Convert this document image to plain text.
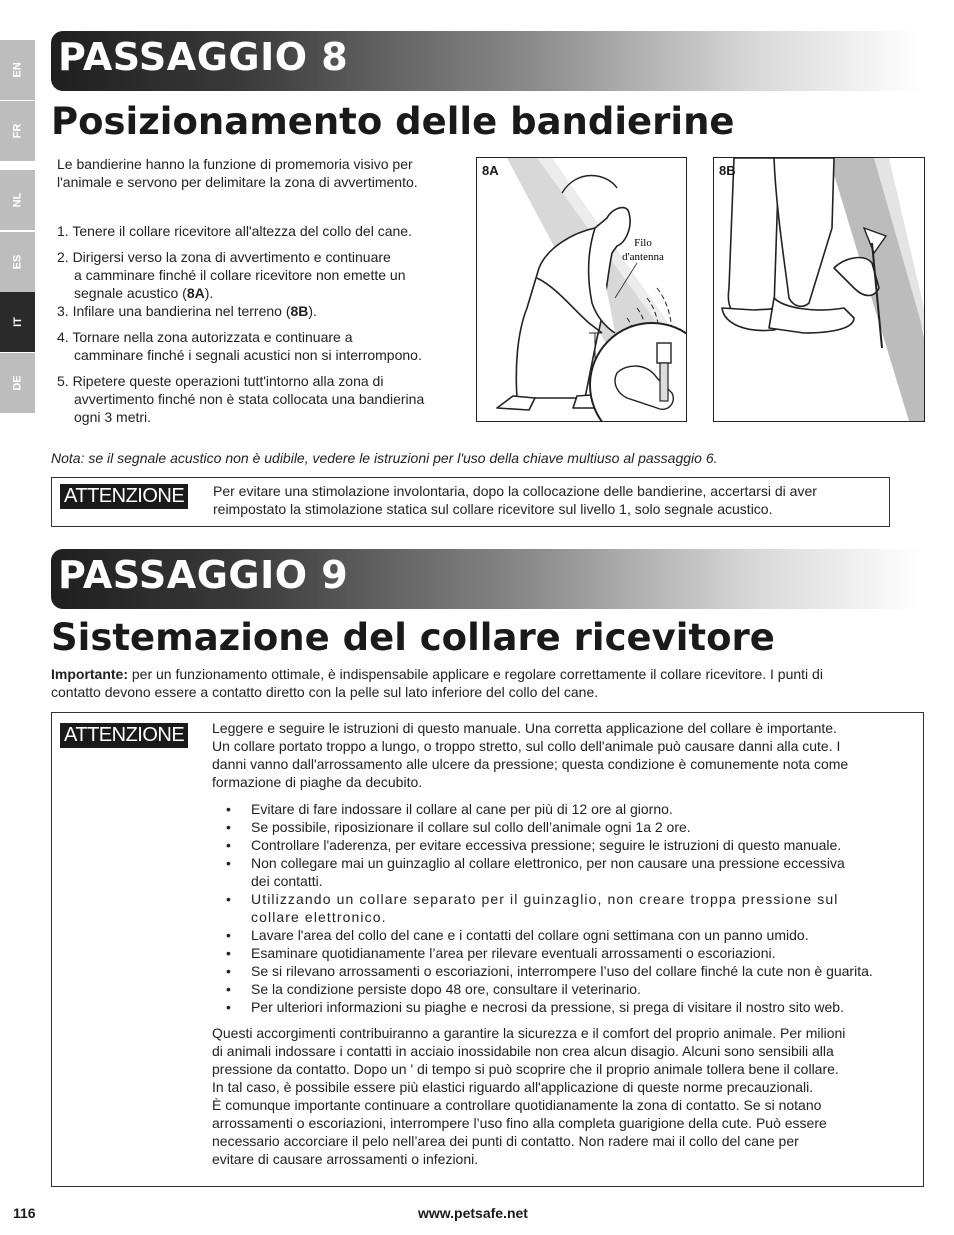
EN
FR
NL
ES
IT
DE
PASSAGGIO 8
Posizionamento delle bandierine
Le bandierine hanno la funzione di promemoria visivo per
l'animale e servono per delimitare la zona di avvertimento.
1. Tenere il collare ricevitore all'altezza del collo del cane.
2. Dirigersi verso la zona di avvertimento e continuare
a camminare finché il collare ricevitore non emette un
segnale acustico (8A).
3. Infilare una bandierina nel terreno (8B).
4. Tornare nella zona autorizzata e continuare a
camminare finché i segnali acustici non si interrompono.
5. Ripetere queste operazioni tutt'intorno alla zona di
avvertimento finché non è stata collocata una bandierina
ogni 3 metri.
Filo
d'antenna
8A	8B
Nota: se il segnale acustico non è udibile, vedere le istruzioni per l'uso della chiave multiuso al passaggio 6.
ATTENZIONE Per evitare una stimolazione involontaria, dopo la collocazione delle bandierine, accertarsi di aver
reimpostato la stimolazione statica sul collare ricevitore sul livello 1, solo segnale acustico.
PASSAGGIO 9
Sistemazione del collare ricevitore
Importante: per un funzionamento ottimale, è indispensabile applicare e regolare correttamente il collare ricevitore. I punti di
contatto devono essere a contatto diretto con la pelle sul lato inferiore del collo del cane.
ATTENZIONE Leggere e seguire le istruzioni di questo manuale. Una corretta applicazione del collare è importante.
Un collare portato troppo a lungo, o troppo stretto, sul collo dell'animale può causare danni alla cute. I
danni vanno dall'arrossamento alle ulcere da pressione; questa condizione è comunemente nota come
formazione di piaghe da decubito.
• Evitare di fare indossare il collare al cane per più di 12 ore al giorno.
• Se possibile, riposizionare il collare sul collo dell’animale ogni 1a 2 ore.
• Controllare l'aderenza, per evitare eccessiva pressione; seguire le istruzioni di questo manuale.
• Non collegare mai un guinzaglio al collare elettronico, per non causare una pressione eccessiva
dei contatti.
• Utilizzando un collare separato per il guinzaglio, non creare troppa pressione sul
collare elettronico.
• Lavare l'area del collo del cane e i contatti del collare ogni settimana con un panno umido.
• Esaminare quotidianamente l’area per rilevare eventuali arrossamenti o escoriazioni.
• Se si rilevano arrossamenti o escoriazioni, interrompere l’uso del collare finché la cute non è guarita.
• Se la condizione persiste dopo 48 ore, consultare il veterinario.
• Per ulteriori informazioni su piaghe e necrosi da pressione, si prega di visitare il nostro sito web.
Questi accorgimenti contribuiranno a garantire la sicurezza e il comfort del proprio animale. Per milioni
di animali indossare i contatti in acciaio inossidabile non crea alcun disagio. Alcuni sono sensibili alla
pressione da contatto. Dopo un ' di tempo si può scoprire che il proprio animale tollera bene il collare.
In tal caso, è possibile essere più elastici riguardo all'applicazione di queste norme precauzionali.
È comunque importante continuare a controllare quotidianamente la zona di contatto. Se si notano
arrossamenti o escoriazioni, interrompere l’uso fino alla completa guarigione della cute. Può essere
necessario accorciare il pelo nell’area dei punti di contatto. Non radere mai il collo del cane per
evitare di causare arrossamenti o infezioni.
116	www.petsafe.net
